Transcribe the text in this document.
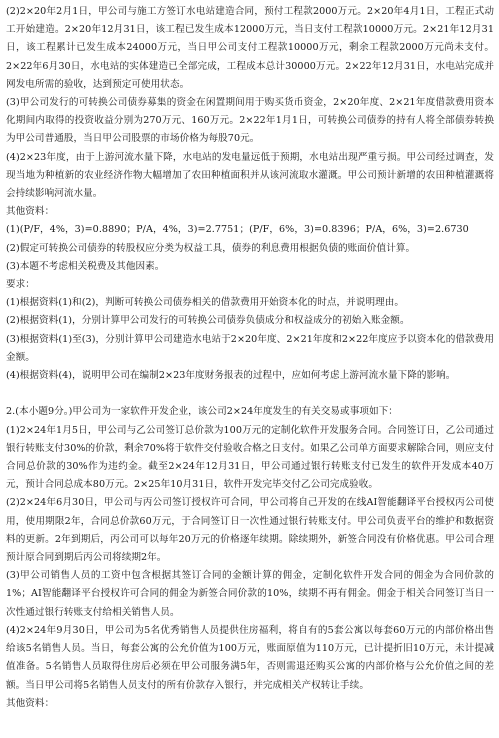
(2)2×20年2月1日，甲公司与施工方签订水电站建造合同，预付工程款2000万元。2×20年4月1日，工程正式动工开始建造。2×20年12月31日，该工程已发生成本12000万元，当日支付工程款10000万元。2×21年12月31日，该工程累计已发生成本24000万元，当日甲公司支付工程款10000万元，剩余工程款2000万元尚未支付。2×22年6月30日，水电站的实体建造已全部完成，工程成本总计30000万元。2×22年12月31日，水电站完成并网发电所需的验收，达到预定可使用状态。

(3)甲公司发行的可转换公司债券募集的资金在闲置期间用于购买货币资金，2×20年度、2×21年度借款费用资本化期间内取得的投资收益分别为270万元、160万元。2×22年1月1日，可转换公司债券的持有人将全部债券转换为甲公司普通股，当日甲公司股票的市场价格为每股70元。

(4)2×23年度，由于上游河流水量下降，水电站的发电量远低于预期，水电站出现严重亏损。甲公司经过调查，发现当地为种植新的农业经济作物大幅增加了农田种植面积并从该河流取水灌溉。甲公司预计新增的农田种植灌溉将会持续影响河流水量。

其他资料：

(1)(P/F，4%，3)=0.8890；P/A，4%，3)=2.7751；(P/F，6%，3)=0.8396；P/A，6%，3)=2.6730

(2)假定可转换公司债券的转股权应分类为权益工具，债券的利息费用根据负债的账面价值计算。

(3)本题不考虑相关税费及其他因素。

要求：

(1)根据资料(1)和(2)，判断可转换公司债券相关的借款费用开始资本化的时点，并说明理由。

(2)根据资料(1)，分别计算甲公司发行的可转换公司债券负债成分和权益成分的初始入账金额。

(3)根据资料(1)至(3)，分别计算甲公司建造水电站于2×20年度、2×21年度和2×22年度应予以资本化的借款费用金额。

(4)根据资料(4)，说明甲公司在编制2×23年度财务报表的过程中，应如何考虑上游河流水量下降的影响。

2.(本小题9分。)甲公司为一家软件开发企业，该公司2×24年度发生的有关交易或事项如下：

(1)2×24年1月5日，甲公司与乙公司签订总价款为100万元的定制化软件开发服务合同。合同签订日，乙公司通过银行转账支付30%的价款，剩余70%将于软件交付验收合格之日支付。如果乙公司单方面要求解除合同，则应支付合同总价款的30%作为违约金。截至2×24年12月31日，甲公司通过银行转账支付已发生的软件开发成本40万元，预计合同总成本80万元。2×25年10月31日，软件开发完毕交付乙公司完成验收。

(2)2×24年6月30日，甲公司与丙公司签订授权许可合同，甲公司将自己开发的在线AI智能翻译平台授权丙公司使用，使用期限2年，合同总价款60万元，于合同签订日一次性通过银行转账支付。甲公司负责平台的维护和数据资料的更新。2年到期后，丙公司可以每年20万元的价格逐年续期。除续期外，新签合同没有价格优惠。甲公司合理预计原合同到期后丙公司将续期2年。

(3)甲公司销售人员的工资中包含根据其签订合同的金额计算的佣金，定制化软件开发合同的佣金为合同价款的1%；AI智能翻译平台授权许可合同的佣金为新签合同价款的10%，续期不再有佣金。佣金于相关合同签订当日一次性通过银行转账支付给相关销售人员。

(4)2×24年9月30日，甲公司为5名优秀销售人员提供住房福利，将自有的5套公寓以每套60万元的内部价格出售给该5名销售人员。当日，每套公寓的公允价值为100万元，账面原值为110万元，已计提折旧10万元，未计提减值准备。5名销售人员取得住房后必须在甲公司服务满5年，否则需退还购买公寓的内部价格与公允价值之间的差额。当日甲公司将5名销售人员支付的所有价款存入银行，并完成相关产权转让手续。

其他资料：
